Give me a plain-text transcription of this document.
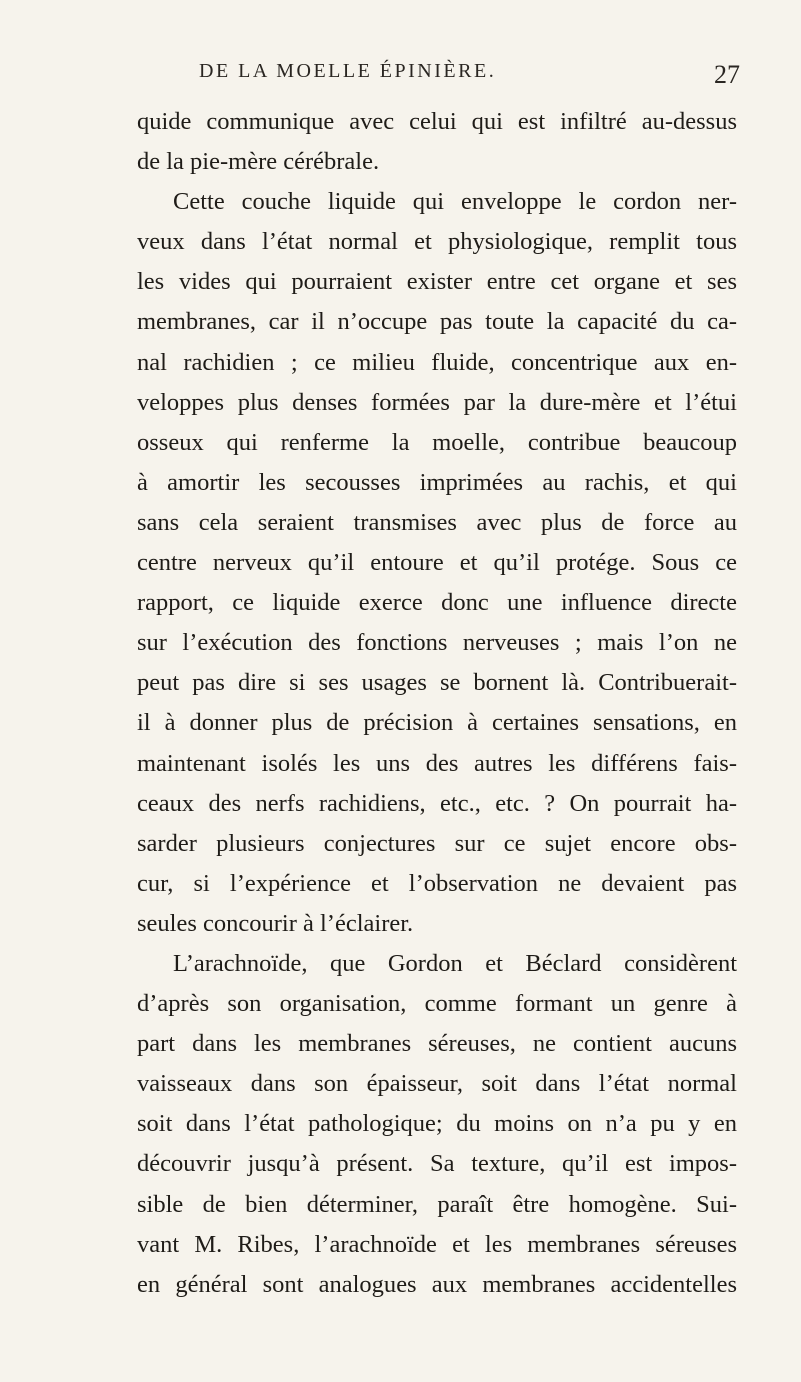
DE LA MOELLE ÉPINIÈRE.	27
quide communique avec celui qui est infiltré au-dessus
de la pie-mère cérébrale.
Cette couche liquide qui enveloppe le cordon ner-
veux dans l’état normal et physiologique, remplit tous
les vides qui pourraient exister entre cet organe et ses
membranes, car il n’occupe pas toute la capacité du ca-
nal rachidien ; ce milieu fluide, concentrique aux en-
veloppes plus denses formées par la dure-mère et l’étui
osseux qui renferme la moelle, contribue beaucoup
à amortir les secousses imprimées au rachis, et qui
sans cela seraient transmises avec plus de force au
centre nerveux qu’il entoure et qu’il protége. Sous ce
rapport, ce liquide exerce donc une influence directe
sur l’exécution des fonctions nerveuses ; mais l’on ne
peut pas dire si ses usages se bornent là. Contribuerait-
il à donner plus de précision à certaines sensations, en
maintenant isolés les uns des autres les différens fais-
ceaux des nerfs rachidiens, etc., etc. ? On pourrait ha-
sarder plusieurs conjectures sur ce sujet encore obs-
cur, si l’expérience et l’observation ne devaient pas
seules concourir à l’éclairer.
L’arachnoïde, que Gordon et Béclard considèrent
d’après son organisation, comme formant un genre à
part dans les membranes séreuses, ne contient aucuns
vaisseaux dans son épaisseur, soit dans l’état normal
soit dans l’état pathologique; du moins on n’a pu y en
découvrir jusqu’à présent. Sa texture, qu’il est impos-
sible de bien déterminer, paraît être homogène. Sui-
vant M. Ribes, l’arachnoïde et les membranes séreuses
en général sont analogues aux membranes accidentelles
